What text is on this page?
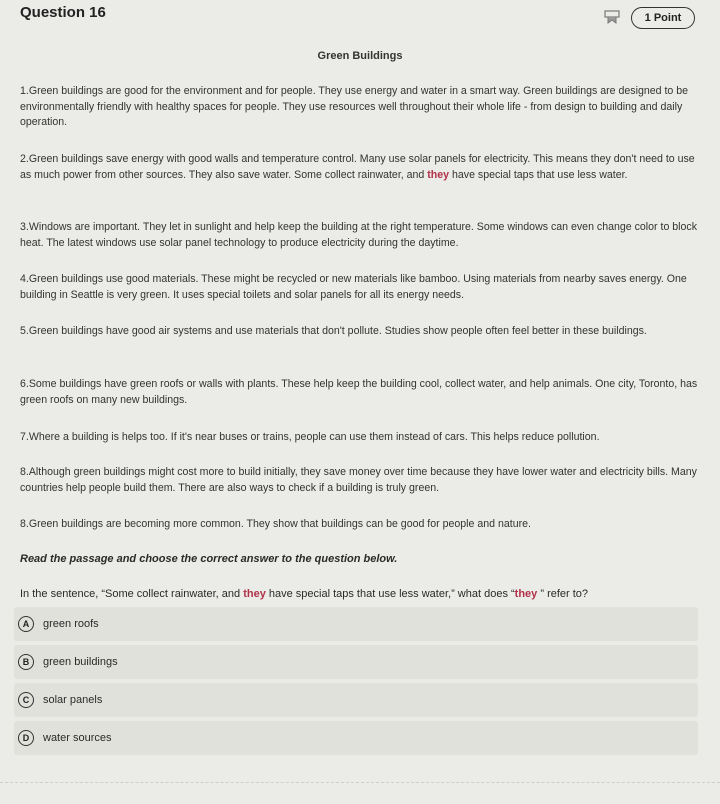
Question 16	1 Point
Green Buildings
1.Green buildings are good for the environment and for people. They use energy and water in a smart way. Green buildings are designed to be environmentally friendly with healthy spaces for people. They use resources well throughout their whole life - from design to building and daily operation.
2.Green buildings save energy with good walls and temperature control. Many use solar panels for electricity. This means they don't need to use as much power from other sources. They also save water. Some collect rainwater, and they have special taps that use less water.
3.Windows are important. They let in sunlight and help keep the building at the right temperature. Some windows can even change color to block heat. The latest windows use solar panel technology to produce electricity during the daytime.
4.Green buildings use good materials. These might be recycled or new materials like bamboo. Using materials from nearby saves energy. One building in Seattle is very green. It uses special toilets and solar panels for all its energy needs.
5.Green buildings have good air systems and use materials that don't pollute. Studies show people often feel better in these buildings.
6.Some buildings have green roofs or walls with plants. These help keep the building cool, collect water, and help animals. One city, Toronto, has green roofs on many new buildings.
7.Where a building is helps too. If it's near buses or trains, people can use them instead of cars. This helps reduce pollution.
8.Although green buildings might cost more to build initially, they save money over time because they have lower water and electricity bills. Many countries help people build them. There are also ways to check if a building is truly green.
8.Green buildings are becoming more common. They show that buildings can be good for people and nature.
Read the passage and choose the correct answer to the question below.
In the sentence, “Some collect rainwater, and they have special taps that use less water,” what does “they ” refer to?
A	green roofs
B	green buildings
C	solar panels
D	water sources
